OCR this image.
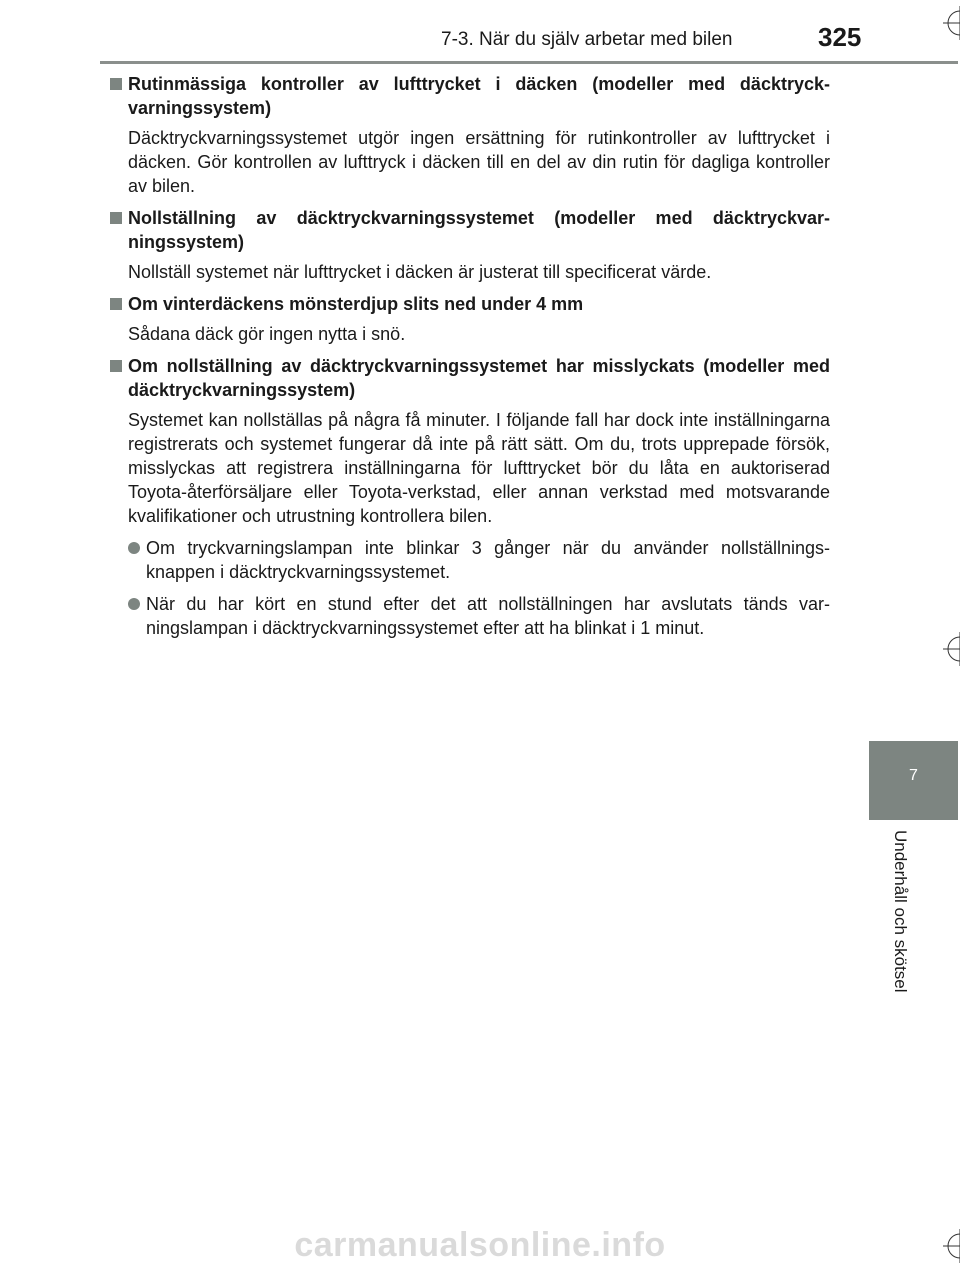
7-3. När du själv arbetar med bilen	325
7
Underhåll och skötsel
Rutinmässiga kontroller av lufttrycket i däcken (modeller med däcktryck-varningssystem)
Däcktryckvarningssystemet utgör ingen ersättning för rutinkontroller av lufttrycket i däcken. Gör kontrollen av lufttryck i däcken till en del av din rutin för dagliga kontroller av bilen.
Nollställning av däcktryckvarningssystemet (modeller med däcktryckvar-ningssystem)
Nollställ systemet när lufttrycket i däcken är justerat till specificerat värde.
Om vinterdäckens mönsterdjup slits ned under 4 mm
Sådana däck gör ingen nytta i snö.
Om nollställning av däcktryckvarningssystemet har misslyckats (modeller med däcktryckvarningssystem)
Systemet kan nollställas på några få minuter. I följande fall har dock inte inställningarna registrerats och systemet fungerar då inte på rätt sätt. Om du, trots upprepade försök, misslyckas att registrera inställningarna för lufttrycket bör du låta en auktoriserad Toyota-återförsäljare eller Toyota-verkstad, eller annan verkstad med motsvarande kvalifikationer och utrustning kontrollera bilen.
Om tryckvarningslampan inte blinkar 3 gånger när du använder nollställnings-knappen i däcktryckvarningssystemet.
När du har kört en stund efter det att nollställningen har avslutats tänds var-ningslampan i däcktryckvarningssystemet efter att ha blinkat i 1 minut.
carmanualsonline.info
